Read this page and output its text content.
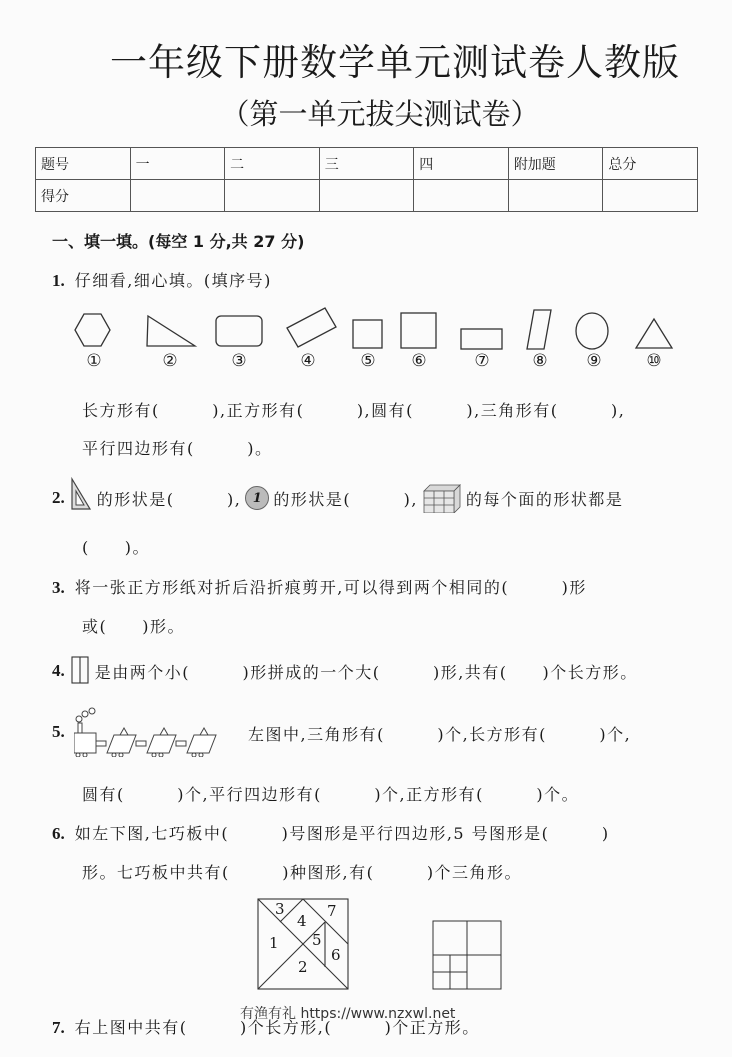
一年级下册数学单元测试卷人教版
（第一单元拔尖测试卷）
题号	一	二	三	四	附加题	总分
得分						
一、填一填。(每空 1 分,共 27 分)
1. 仔细看,细心填。(填序号)
①	②	③	④	⑤ ⑥	⑦	⑧ ⑨	⑩
长方形有(　　　),正方形有(　　　),圆有(　　　),三角形有(　　　),
平行四边形有(　　　)。
2. 的形状是(　　　), 1 的形状是(　　　),	的每个面的形状都是
(　　)。
3. 将一张正方形纸对折后沿折痕剪开,可以得到两个相同的(　　　)形
或(　　)形。
4. 是由两个小(　　　)形拼成的一个大(　　　)形,共有(　　)个长方形。
5.	左图中,三角形有(　　　)个,长方形有(　　　)个,
圆有(　　　)个,平行四边形有(　　　)个,正方形有(　　　)个。
6. 如左下图,七巧板中(　　　)号图形是平行四边形,5 号图形是(　　　)
形。七巧板中共有(　　　)种图形,有(　　　)个三角形。
3	7
4
1 5
6
2
7. 右上图中共有(　　　)个长方形,(　　　)个正方形。
有渔有礼 https://www.nzxwl.net
